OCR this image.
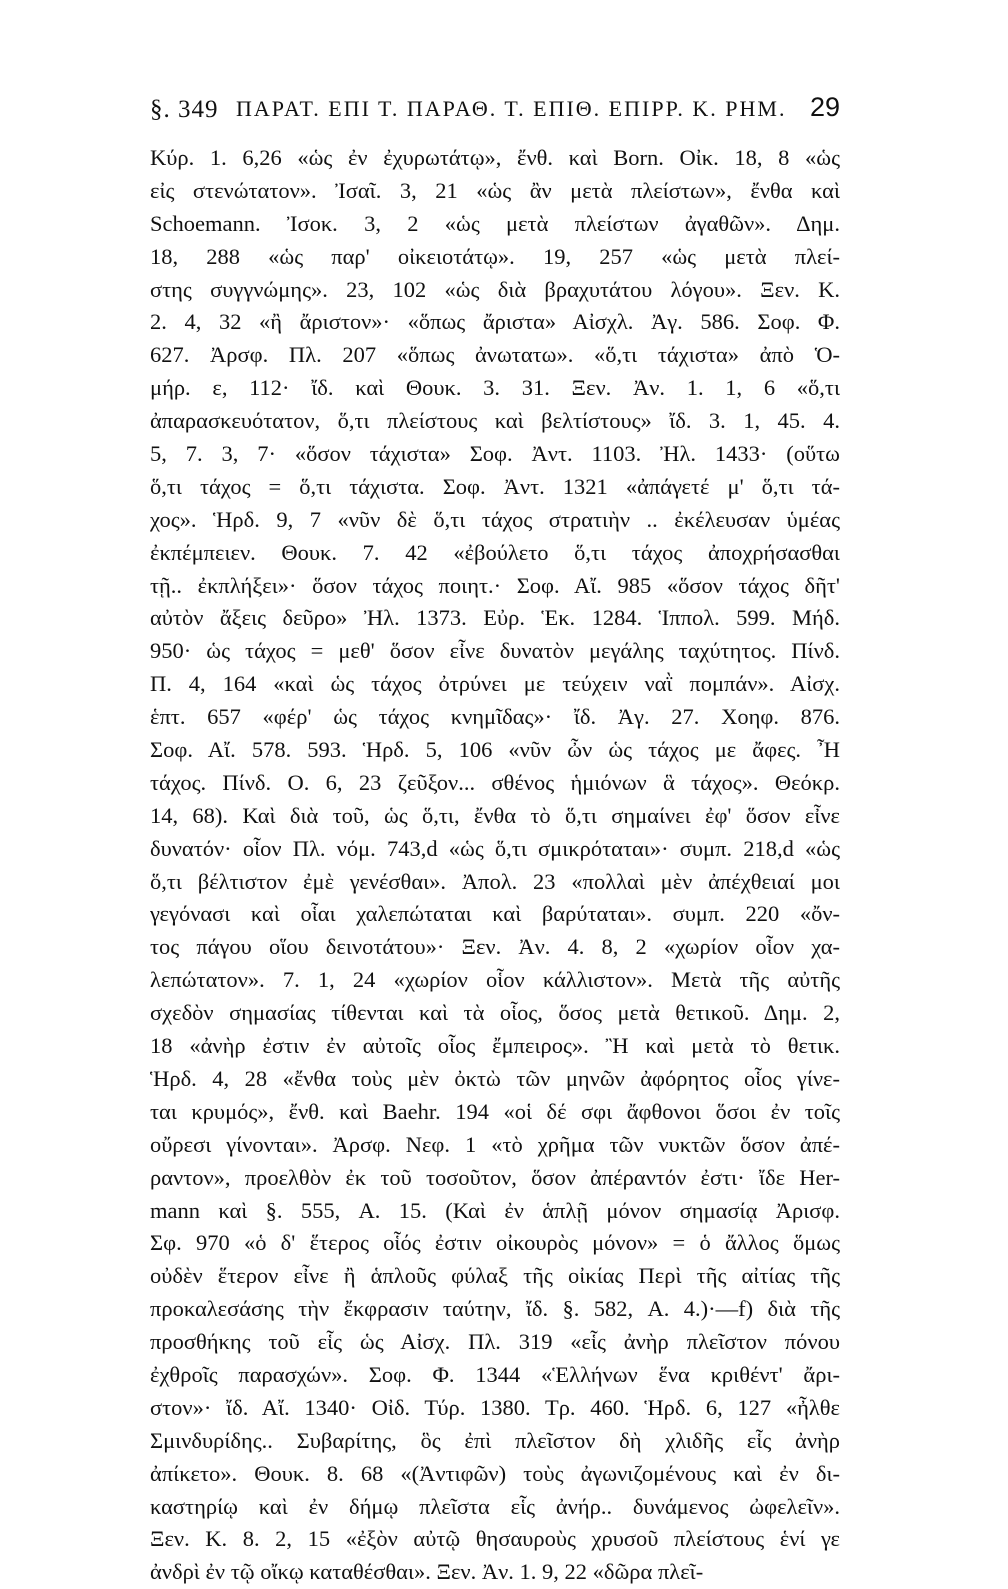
§. 349 ΠΑΡΑΤ. ΕΠΙ Τ. ΠΑΡΑΘ. Τ. ΕΠΙΘ. ΕΠΙΡΡ. Κ. ΡΗΜ. 29
Κύρ. 1. 6,26 «ὡς ἐν ἐχυρωτάτῳ», ἔνθ. καὶ Born. Οἰκ. 18, 8 «ὡς
εἰς στενώτατον». Ἰσαῖ. 3, 21 «ὡς ἂν μετὰ πλείστων», ἔνθα καὶ
Schoemann. Ἰσοκ. 3, 2 «ὡς μετὰ πλείστων ἀγαθῶν». Δημ.
18, 288 «ὡς παρ' οἰκειοτάτῳ». 19, 257 «ὡς μετὰ πλεί-
στης συγγνώμης». 23, 102 «ὡς διὰ βραχυτάτου λόγου». Ξεν. Κ.
2. 4, 32 «ἢ ἄριστον»· «ὅπως ἄριστα» Αἰσχλ. Ἀγ. 586. Σοφ. Φ.
627. Ἀρσφ. Πλ. 207 «ὅπως ἀνωτατω». «ὅ,τι τάχιστα» ἀπὸ Ὁ-
μήρ. ε, 112· ἴδ. καὶ Θουκ. 3. 31. Ξεν. Ἀν. 1. 1, 6 «ὅ,τι
ἀπαρασκευότατον, ὅ,τι πλείστους καὶ βελτίστους» ἴδ. 3. 1, 45. 4.
5, 7. 3, 7· «ὅσον τάχιστα» Σοφ. Ἀντ. 1103. Ἠλ. 1433· (οὕτω
ὅ,τι τάχος = ὅ,τι τάχιστα. Σοφ. Ἀντ. 1321 «ἀπάγετέ μ' ὅ,τι τά-
χος». Ἡρδ. 9, 7 «νῦν δὲ ὅ,τι τάχος στρατιὴν .. ἐκέλευσαν ὑμέας
ἐκπέμπειεν. Θουκ. 7. 42 «ἐβούλετο ὅ,τι τάχος ἀποχρήσασθαι
τῇ.. ἐκπλήξει»· ὅσον τάχος ποιητ.· Σοφ. Αἴ. 985 «ὅσον τάχος δῆτ'
αὐτὸν ἄξεις δεῦρο» Ἠλ. 1373. Εὐρ. Ἑκ. 1284. Ἱππολ. 599. Μήδ.
950· ὡς τάχος = μεθ' ὅσον εἶνε δυνατὸν μεγάλης ταχύτητος. Πίνδ.
Π. 4, 164 «καὶ ὡς τάχος ὀτρύνει με τεύχειν ναῒ πομπάν». Αἰσχ.
ἑπτ. 657 «φέρ' ὡς τάχος κνημῖδας»· ἴδ. Ἀγ. 27. Χοηφ. 876.
Σοφ. Αἴ. 578. 593. Ἡρδ. 5, 106 «νῦν ὦν ὡς τάχος με ἄφες. Ἦ
τάχος. Πίνδ. Ο. 6, 23 ζεῦξον... σθένος ἡμιόνων ἃ τάχος». Θεόκρ.
14, 68). Καὶ διὰ τοῦ, ὡς ὅ,τι, ἔνθα τὸ ὅ,τι σημαίνει ἐφ' ὅσον εἶνε
δυνατόν· οἷον Πλ. νόμ. 743,d «ὡς ὅ,τι σμικρόταται»· συμπ. 218,d «ὡς
ὅ,τι βέλτιστον ἐμὲ γενέσθαι». Ἀπολ. 23 «πολλαὶ μὲν ἀπέχθειαί μοι
γεγόνασι καὶ οἷαι χαλεπώταται καὶ βαρύταται». συμπ. 220 «ὄν-
τος πάγου οἵου δεινοτάτου»· Ξεν. Ἀν. 4. 8, 2 «χωρίον οἷον χα-
λεπώτατον». 7. 1, 24 «χωρίον οἷον κάλλιστον». Μετὰ τῆς αὐτῆς
σχεδὸν σημασίας τίθενται καὶ τὰ οἷος, ὅσος μετὰ θετικοῦ. Δημ. 2,
18 «ἀνὴρ ἐστιν ἐν αὐτοῖς οἷος ἔμπειρος». Ἢ καὶ μετὰ τὸ θετικ.
Ἡρδ. 4, 28 «ἔνθα τοὺς μὲν ὀκτὼ τῶν μηνῶν ἀφόρητος οἷος γίνε-
ται κρυμός», ἔνθ. καὶ Baehr. 194 «οἱ δέ σφι ἄφθονοι ὅσοι ἐν τοῖς
οὔρεσι γίνονται». Ἀρσφ. Νεφ. 1 «τὸ χρῆμα τῶν νυκτῶν ὅσον ἀπέ-
ραντον», προελθὸν ἐκ τοῦ τοσοῦτον, ὅσον ἀπέραντόν ἐστι· ἴδε Her-
mann καὶ §. 555, A. 15. (Καὶ ἐν ἁπλῇ μόνον σημασίᾳ Ἀρισφ.
Σφ. 970 «ὁ δ' ἕτερος οἷός ἐστιν οἰκουρὸς μόνον» = ὁ ἄλλος ὅμως
οὐδὲν ἕτερον εἶνε ἢ ἁπλοῦς φύλαξ τῆς οἰκίας Περὶ τῆς αἰτίας τῆς
προκαλεσάσης τὴν ἔκφρασιν ταύτην, ἴδ. §. 582, A. 4.)·—f) διὰ τῆς
προσθήκης τοῦ εἷς ὡς Αἰσχ. Πλ. 319 «εἷς ἀνὴρ πλεῖστον πόνου
ἐχθροῖς παρασχών». Σοφ. Φ. 1344 «Ἑλλήνων ἕνα κριθέντ' ἄρι-
στον»· ἴδ. Αἴ. 1340· Οἰδ. Τύρ. 1380. Τρ. 460. Ἡρδ. 6, 127 «ἦλθε
Σμινδυρίδης.. Συβαρίτης, ὃς ἐπὶ πλεῖστον δὴ χλιδῆς εἷς ἀνὴρ
ἀπίκετο». Θουκ. 8. 68 «(Ἀντιφῶν) τοὺς ἀγωνιζομένους καὶ ἐν δι-
καστηρίῳ καὶ ἐν δήμῳ πλεῖστα εἷς ἀνήρ.. δυνάμενος ὠφελεῖν».
Ξεν. Κ. 8. 2, 15 «ἐξὸν αὐτῷ θησαυροὺς χρυσοῦ πλείστους ἑνί γε
ἀνδρὶ ἐν τῷ οἴκῳ καταθέσθαι». Ξεν. Ἀν. 1. 9, 22 «δῶρα πλεῖ-
